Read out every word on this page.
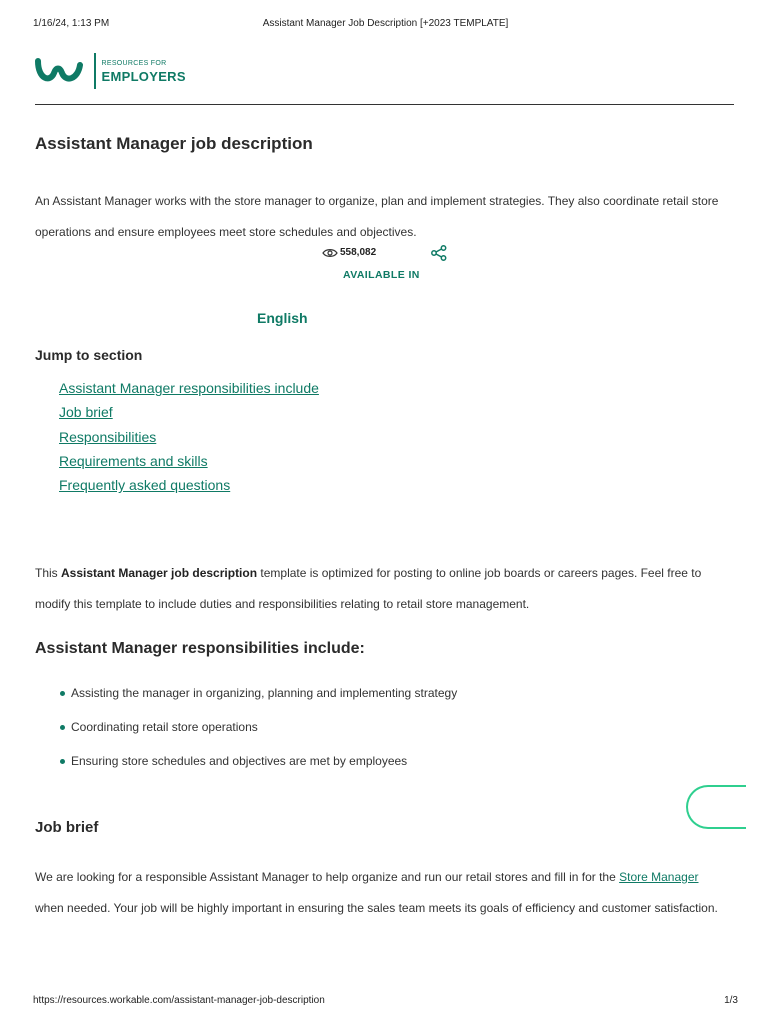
1/16/24, 1:13 PM	Assistant Manager Job Description [+2023 TEMPLATE]
RESOURCES FOR
EMPLOYERS
Assistant Manager job description

An Assistant Manager works with the store manager to organize, plan and implement strategies. They also coordinate retail store operations and ensure employees meet store schedules and objectives.

558,082
AVAILABLE IN
English
Jump to section
Assistant Manager responsibilities include
Job brief
Responsibilities
Requirements and skills
Frequently asked questions

This Assistant Manager job description template is optimized for posting to online job boards or careers pages. Feel free to modify this template to include duties and responsibilities relating to retail store management.

Assistant Manager responsibilities include:
Assisting the manager in organizing, planning and implementing strategy
Coordinating retail store operations
Ensuring store schedules and objectives are met by employees
Job brief

We are looking for a responsible Assistant Manager to help organize and run our retail stores and fill in for the Store Manager when needed. Your job will be highly important in ensuring the sales team meets its goals of efficiency and customer satisfaction.

https://resources.workable.com/assistant-manager-job-description	1/3
